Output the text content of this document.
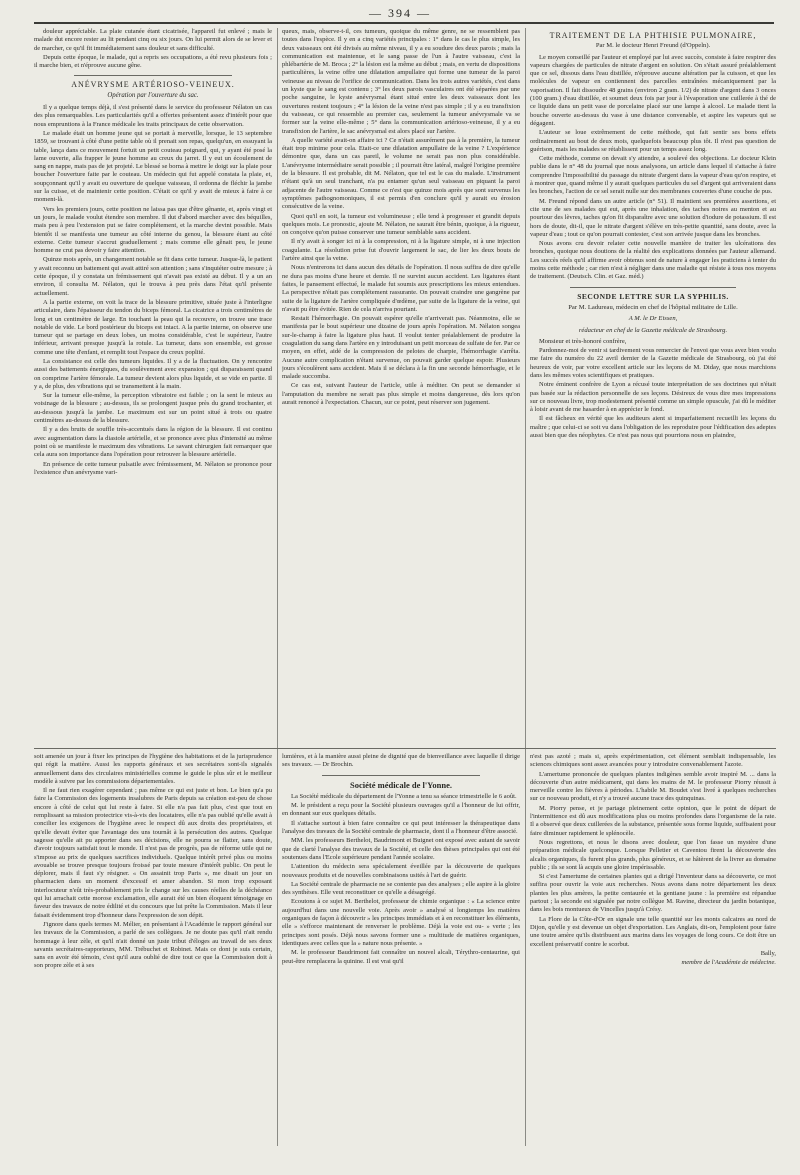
— 394 —

douleur appréciable. La plaie cutanée étant cicatrisée, l'appareil fut enlevé ; mais le malade dut encore rester au lit pendant cinq ou six jours. On lui permit alors de se lever et de marcher, ce qu'il fit immédiatement sans douleur et sans difficulté.

Depuis cette époque, le malade, qui a repris ses occupations, a été revu plusieurs fois ; il marche bien, et n'éprouve aucune gêne.

ANÉVRYSME ARTÉRIOSO-VEINEUX.
Opération par l'ouverture du sac.

Il y a quelque temps déjà, il s'est présenté dans le service du professeur Nélaton un cas des plus remarquables. Les particularités qu'il a offertes présentent assez d'intérêt pour que nous empruntions à la France médicale les traits principaux de cette observation.

Le malade était un homme jeune qui se portait à merveille, lorsque, le 13 septembre 1859, se trouvant à côté d'une petite table où il prenait son repas, quelqu'un, en essuyant la table, lança dans ce mouvement fortuit un petit couteau poignard, qui, y ayant été posé la lame ouverte, alla frapper le jeune homme au creux du jarret. Il y eut un écoulement de sang en nappe, mais pas de jet projeté. Le blessé se borna à mettre le doigt sur la plaie pour boucher l'ouverture faite par le couteau. Un médecin qui fut appelé constata la plaie, et, soupçonnant qu'il y avait eu ouverture de quelque vaisseau, il ordonna de fléchir la jambe sur la cuisse, et de maintenir cette position. C'était ce qu'il y avait de mieux à faire à ce moment-là.

Vers les premiers jours, cette position ne laissa pas que d'être gênante, et, après vingt et un jours, le malade voulut étendre son membre. Il dut d'abord marcher avec des béquilles, mais peu à peu l'extension put se faire complétement, et la marche devint possible. Mais bientôt il se manifesta une tumeur au côté interne du genou, la blessure étant au côté externe. Cette tumeur s'accrut graduellement ; mais comme elle gênait peu, le jeune homme ne crut pas devoir y faire attention.

Quinze mois après, un changement notable se fit dans cette tumeur. Jusque-là, le patient y avait reconnu un battement qui avait attiré son attention ; sans s'inquiéter outre mesure ; à cette époque, il y constata un frémissement qui n'avait pas existé au début. Il y a un an environ, il consulta M. Nélaton, qui le trouva à peu près dans l'état qu'il présente actuellement.

A la partie externe, on voit la trace de la blessure primitive, située juste à l'interligne articulaire, dans l'épaisseur du tendon du biceps fémoral. La cicatrice a trois centimètres de long et un centimètre de large. En touchant la peau qui la recouvre, on trouve une trace notable de vide. Le bord postérieur du biceps est intact. A la partie interne, on observe une tumeur qui se partage en deux lobes, un moins considérable, c'est le supérieur, l'autre inférieur, arrivant presque jusqu'à la rotule. La tumeur, dans son ensemble, est grosse comme une tête d'enfant, et remplit tout l'espace du creux poplité.

La consistance est celle des tumeurs liquides. Il y a de la fluctuation. On y rencontre aussi des battements énergiques, du soulèvement avec expansion ; qui disparaissent quand on comprime l'artère fémorale. La tumeur devient alors plus liquide, et se vide en partie. Il y a, de plus, des vibrations qui se transmettent à la main.

Sur la tumeur elle-même, la perception vibratoire est faible ; on la sent le mieux au voisinage de la blessure ; au-dessus, ils se prolongent jusque près du grand trochanter, et au-dessous jusqu'à la jambe. Le maximum est sur un point situé à trois ou quatre centimètres au-dessus de la blessure.

Il y a des bruits de souffle très-accentués dans la région de la blessure. Il est continu avec augmentation dans la diastole artérielle, et se prononce avec plus d'intensité au même point où se manifeste le maximum des vibrations. Le savant chirurgien fait remarquer que cela aura son importance dans l'opération pour retrouver la blessure artérielle.

En présence de cette tumeur pulsatile avec frémissement, M. Nélaton se prononce pour l'existence d'un anévrysme vari-

queux, mais, observe-t-il, ces tumeurs, quoique du même genre, ne se ressemblent pas toutes dans l'espèce. Il y en a cinq variétés principales : 1° dans le cas le plus simple, les deux vaisseaux ont été divisés au même niveau, il y a eu soudure des deux parois ; mais la communication est maintenue, et le sang passe de l'un à l'autre vaisseau, c'est la phlébartérie de M. Broca ; 2° la lésion est la même au début ; mais, en vertu de dispositions particulières, la veine offre une dilatation ampullaire qui forme une tumeur de la paroi veineuse au niveau de l'orifice de communication. Dans les trois autres variétés, c'est dans un kyste que le sang est contenu ; 3° les deux parois vasculaires ont été séparées par une poche sanguine, le kyste anévrysmal étant situé entre les deux vaisseaux dont les ouvertures restent toujours ; 4° la lésion de la veine n'est pas simple ; il y a eu transfixion du vaisseau, ce qui ressemble au premier cas, seulement la tumeur anévrysmale va se former sur la veine elle-même ; 5° dans la communication artérioso-veineuse, il y a eu transfixion de l'artère, le sac anévrysmal est alors placé sur l'artère.

A quelle variété avait-on affaire ici ? Ce n'était assurément pas à la première, la tumeur était trop minime pour cela. Etait-ce une dilatation ampullaire de la veine ? L'expérience démontre que, dans un cas pareil, le volume ne serait pas non plus considérable. L'anévrysme intermédiaire serait possible ; il pourrait être latéral, malgré l'origine première de la blessure. Il est probable, dit M. Nélaton, que tel est le cas du malade. L'instrument n'étant qu'à un seul tranchant, n'a pu entamer qu'un seul vaisseau en piquant la paroi adjacente de l'autre vaisseau. Comme ce n'est que quinze mois après que sont survenus les symptômes pathognomoniques, il est permis d'en conclure qu'il y aurait eu érosion consécutive de la veine.

Quoi qu'il en soit, la tumeur est volumineuse ; elle tend à progresser et grandit depuis quelques mois. Le pronostic, ajoute M. Nélaton, ne saurait être bénin, quoique, à la rigueur, on conçoive qu'on puisse conserver une tumeur semblable sans accident.

Il n'y avait à songer ici ni à la compression, ni à la ligature simple, ni à une injection coagulante. La résolution prise fut d'ouvrir largement le sac, de lier les deux bouts de l'artère ainsi que la veine.

Nous n'entrerons ici dans aucun des détails de l'opération. Il nous suffira de dire qu'elle ne dura pas moins d'une heure et demie. Il ne survint aucun accident. Les ligatures étant faites, le pansement effectué, le malade fut soumis aux prescriptions les mieux entendues. La perspective n'était pas complétement rassurante. On pouvait craindre une gangrène par suite de la ligature de l'artère compliquée d'œdème, par suite de la ligature de la veine, qui n'avait pu être évitée. Rien de cela n'arriva pourtant.

Restait l'hémorrhagie. On pouvait espérer qu'elle n'arriverait pas. Néanmoins, elle se manifesta par le bout supérieur une dizaine de jours après l'opération. M. Nélaton songea sur-le-champ à faire la ligature plus haut. Il voulut tenter préalablement de produire la coagulation du sang dans l'artère en y introduisant un petit morceau de sulfate de fer. Par ce moyen, en effet, aidé de la compression de pelotes de charpie, l'hémorrhagie s'arrêta. Aucune autre complication n'étant survenue, on pouvait garder quelque espoir. Plusieurs jours s'écoulèrent sans accident. Mais il se déclara à la fin une seconde hémorrhagie, et le malade succomba.

Ce cas est, suivant l'auteur de l'article, utile à méditer. On peut se demander si l'amputation du membre ne serait pas plus simple et moins dangereuse, dès lors qu'on aurait renoncé à l'expectation. Chacun, sur ce point, peut réserver son jugement.

TRAITEMENT DE LA PHTHISIE PULMONAIRE,
Par M. le docteur Henri Freund (d'Oppeln).

Le moyen conseillé par l'auteur et employé par lui avec succès, consiste à faire respirer des vapeurs chargées de particules de nitrate d'argent en solution. On s'était assuré préalablement que ce sel, dissous dans l'eau distillée, n'éprouve aucune altération par la cuisson, et que les molécules de vapeur en contiennent des parcelles entraînées mécaniquement par la vaporisation. Il fait dissoudre 48 grains (environ 2 gram. 1/2) de nitrate d'argent dans 3 onces (100 gram.) d'eau distillée, et soumet deux fois par jour à l'évaporation une cuillerée à thé de ce liquide dans un petit vase de porcelaine placé sur une lampe à alcool. Le malade tient la bouche ouverte au-dessus du vase à une distance convenable, et aspire les vapeurs qui se dégagent.

L'auteur se loue extrêmement de cette méthode, qui fait sentir ses bons effets ordinairement au bout de deux mois, quelquefois beaucoup plus tôt. Il n'est pas question de guérison, mais les malades se rétablissent pour un temps assez long.

Cette méthode, comme on devait s'y attendre, a soulevé des objections. Le docteur Klein publie dans le n° 48 du journal que nous analysons, un article dans lequel il s'attache à faire comprendre l'impossibilité du passage du nitrate d'argent dans la vapeur d'eau qu'on respire, et à montrer que, quand même il y aurait quelques particules du sel d'argent qui arriveraient dans les bronches, l'action de ce sel serait nulle sur des membranes couvertes d'une couche de pus.

M. Freund répond dans un autre article (n° 51). Il maintient ses premières assertions, et cite une de ses malades qui eut, après une inhalation, des taches noires au menton et au pourtour des lèvres, taches qu'on fit disparaître avec une solution d'iodure de potassium. Il est hors de doute, dit-il, que le nitrate d'argent s'élève en très-petite quantité, sans doute, avec la vapeur d'eau ; tout ce qu'on pourrait contester, c'est son arrivée jusque dans les bronches.

Nous avons cru devoir relater cette nouvelle manière de traiter les ulcérations des bronches, quoique nous doutions de la réalité des explications données par l'auteur allemand. Les succès réels qu'il affirme avoir obtenus sont de nature à engager les praticiens à tenter du moins cette méthode ; car rien n'est à négliger dans une maladie qui résiste à tous nos moyens de traitement. (Deutsch. Clin. et Gaz. méd.)

SECONDE LETTRE SUR LA SYPHILIS.
Par M. Ladureau, médecin en chef de l'hôpital militaire de Lille.
A M. le Dr Eissen,
rédacteur en chef de la Gazette médicale de Strasbourg.

Monsieur et très-honoré confrère,

Pardonnez-moi de venir si tardivement vous remercier de l'envoi que vous avez bien voulu me faire du numéro du 22 avril dernier de la Gazette médicale de Strasbourg, où j'ai été heureux de voir, par votre excellent article sur les leçons de M. Diday, que nous marchions dans les mêmes voies scientifiques et pratiques.

Notre éminent confrère de Lyon a récusé toute interprétation de ses doctrines qui n'était pas basée sur la rédaction personnelle de ses leçons. Désireux de vous dire mes impressions sur ce nouveau livre, trop modestement présenté comme un simple opuscule, j'ai dû le méditer à loisir avant de me hasarder à en apprécier le fond.

Il est fâcheux en vérité que les auditeurs aient si imparfaitement recueilli les leçons du maître ; que celui-ci se soit vu dans l'obligation de les reproduire pour l'édification des adeptes aussi bien que des néophytes. Ce n'est pas nous qui pourrions nous en plaindre,

soit amenée un jour à fixer les principes de l'hygiène des habitations et de la jurisprudence qui régit la matière. Aussi les rapports généraux et ses secrétaires sont-ils signalés annuellement dans des circulaires ministérielles comme le guide le plus sûr et le meilleur modèle à suivre par les commissions départementales.

Il ne faut rien exagérer cependant ; pas même ce qui est juste et bon. Le bien qu'a pu faire la Commission des logements insalubres de Paris depuis sa création est-peu de chose encore à côté de celui qui lui reste à faire. Si elle n'a pas fait plus, c'est que tout en remplissant sa mission protectrice vis-à-vis des locataires, elle n'a pas oublié qu'elle avait à concilier les exigences de l'hygiène avec le respect dû aux droits des propriétaires, et qu'elle devait éviter que l'avantage des uns tournât à la persécution des autres. Quelque sagesse qu'elle ait pu apporter dans ses décisions, elle ne pourra se flatter, sans doute, d'avoir toujours satisfait tout le monde. Il n'est pas de progrès, pas de réforme utile qui ne s'impose au prix de quelques sacrifices individuels. Quelque intérêt privé plus ou moins avouable se trouve presque toujours froissé par toute mesure d'intérêt public. On peut le déplorer, mais il faut s'y résigner. « On assainit trop Paris », me disait un jour un pharmacien dans un moment d'excessif et amer abandon. Si mon trop exposant interlocuteur n'eût très-probablement pris le change sur les causes réelles de la déchéance qui lui arrachait cette morose exclamation, elle aurait été un bien éloquent témoignage en faveur des travaux de notre édilité et du concours que lui prête la Commission. Mais il leur faisait évidemment trop d'honneur dans l'expression de son dépit.

J'ignore dans quels termes M. Mélier, en présentant à l'Académie le rapport général sur les travaux de la Commission, a parlé de ses collègues. Je ne doute pas qu'il n'ait rendu hommage à leur zèle, et qu'il n'ait donné un juste tribut d'éloges au travail de ses deux savants secrétaires-rapporteurs, MM. Trébuchet et Robinet. Mais ce dont je suis certain, sans en avoir été témoin, c'est qu'il aura oublié de dire tout ce que la Commission doit à son propre zèle et à ses

lumières, et à la manière aussi pleine de dignité que de bienveillance avec laquelle il dirige ses travaux. — Dr Brochin.

Société médicale de l'Yonne.

La Société médicale du département de l'Yonne a tenu sa séance trimestrielle le 6 août.

M. le président a reçu pour la Société plusieurs ouvrages qu'il a l'honneur de lui offrir, en donnant sur eux quelques détails.

Il s'attache surtout à bien faire connaître ce qui peut intéresser la thérapeutique dans l'analyse des travaux de la Société centrale de pharmacie, dont il a l'honneur d'être associé.

MM. les professeurs Berthelot, Baudrimont et Buignet ont exposé avec autant de savoir que de clarté l'analyse des travaux de la Société, et celle des thèses principales qui ont été soutenues dans l'Ecole supérieure pendant l'année scolaire.

L'attention du médecin sera spécialement éveillée par la découverte de quelques nouveaux produits et de nouvelles combinaisons usités à l'art de guérir.

La Société centrale de pharmacie ne se contente pas des analyses ; elle aspire à la gloire des synthèses. Elle veut reconstituer ce qu'elle a désagrégé.

Ecoutons à ce sujet M. Berthelot, professeur de chimie organique : « La science entre aujourd'hui dans une nouvelle voie. Après avoir » analysé si longtemps les matières organiques de façon à découvrir » les principes immédiats et à en reconstituer les éléments, elle » s'efforce maintenant de renverser le problème. Déjà la voie est ou- » verte ; les principes sont posés. Déjà nous savons former une » multitude de matières organiques, identiques avec celles que la » nature nous présente. »

M. le professeur Baudrimont fait connaître un nouvel alcali, Térythro-centaurine, qui peut-être remplacera la quinine. Il est vrai qu'il

n'est pas azoté ; mais si, après expérimentation, cet élément semblait indispensable, les sciences chimiques sont assez avancées pour y introduire convenablement l'azote.

L'amertume prononcée de quelques plantes indigènes semble avoir inspiré M. ... dans la découverte d'un autre médicament, qui dans les mains de M. le professeur Piorry réussit à merveille contre les fièvres à périodes. L'habile M. Boudet s'est livré à quelques recherches sur ce nouveau produit, et n'y a trouvé aucune trace des quinquinas.

M. Piorry pense, et je partage pleinement cette opinion, que le point de départ de l'intermittence est dû aux modifications plus ou moins profondes dans l'organisme de la rate. Il a observé que deux cuillerées de la substance, présentée sous forme liquide, suffisaient pour faire diminuer rapidement le splénocèle.

Nous regrettons, et nous le disons avec douleur, que l'on fasse un mystère d'une préparation médicale quelconque. Lorsque Pelletier et Caventou firent la découverte des alcalis organiques, ils furent plus grands, plus généreux, et se hâtèrent de la livrer au domaine public ; ils se sont là acquis une gloire impérissable.

Si c'est l'amertume de certaines plantes qui a dirigé l'inventeur dans sa découverte, ce mot suffira pour ouvrir la voie aux recherches. Nous avons dans notre département les deux plantes les plus amères, la petite centaurée et la gentiane jaune : la première est répandue partout ; la seconde est signalée par notre collègue M. Ravine, directeur du jardin botanique, dans les bois montueux de Vincelles jusqu'à Crésy.

La Flore de la Côte-d'Or en signale une telle quantité sur les monts calcaires au nord de Dijon, qu'elle y est devenue un objet d'exportation. Les Anglais, dit-on, l'emploient pour faire une toutre amère qu'ils distribuent aux marins dans les voyages de long cours. Ce doit être un excellent préservatif contre le scorbut.

Bally,

membre de l'Académie de médecine.
